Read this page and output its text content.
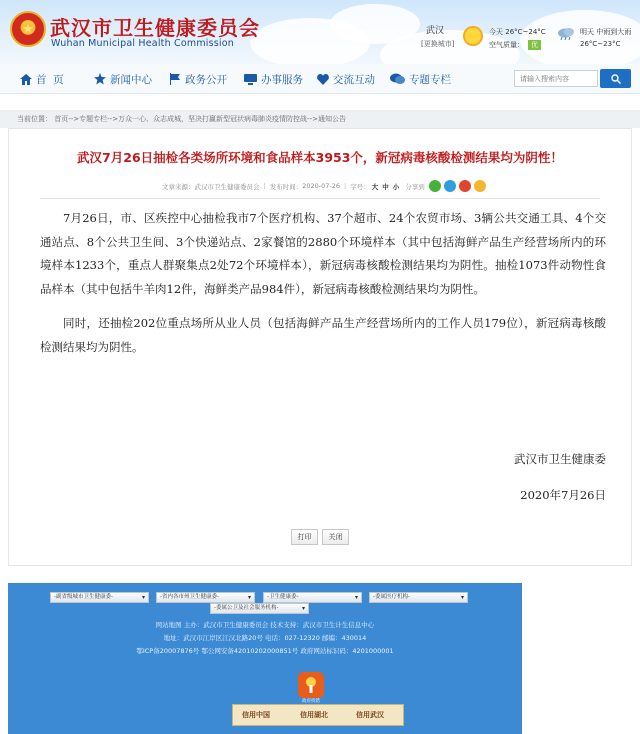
★ 武汉市卫生健康委员会
Wuhan Municipal Health Commission
武汉
[更换城市]
今天 26°C~24°C
空气质量： 优
明天 中雨到大雨
26°C~23°C
首  页	新闻中心	政务公开	办事服务	交流互动	专题专栏
请输入搜索内容
当前位置： 首页-->专题专栏-->万众一心、众志成城，坚决打赢新型冠状病毒肺炎疫情防控战-->通知公告
武汉7月26日抽检各类场所环境和食品样本3953个，新冠病毒核酸检测结果均为阴性！
文章来源： 武汉市卫生健康委员会 | 发布时间： 2020-07-26 | 字号： 大 中 小 分享到

7月26日，市、区疾控中心抽检我市7个医疗机构、37个超市、24个农贸市场、3辆公共交通工具、4个交通站点、8个公共卫生间、3个快递站点、2家餐馆的2880个环境样本（其中包括海鲜产品生产经营场所内的环境样本1233个，重点人群聚集点2处72个环境样本），新冠病毒核酸检测结果均为阴性。抽检1073件动物性食品样本（其中包括牛羊肉12件，海鲜类产品984件），新冠病毒核酸检测结果均为阴性。

同时，还抽检202位重点场所从业人员（包括海鲜产品生产经营场所内的工作人员179位），新冠病毒核酸检测结果均为阴性。

武汉市卫生健康委
2020年7月26日
打印	关闭
-副省级城市卫生健康委- ▾	-省内各市州卫生健康委- ▾	-卫生健康委- ▾	-委属医疗机构- ▾
-委属公卫及社会服务机构- ▾
网站地图 主办：武汉市卫生健康委员会 技术支持：武汉市卫生计生信息中心
地址：武汉市江岸区江汉北路20号 电话：027-12320 邮编：430014
鄂ICP备20007876号 鄂公网安备42010202000851号 政府网站标识码：4201000001
政府找错
信用中国	信用湖北	信用武汉
